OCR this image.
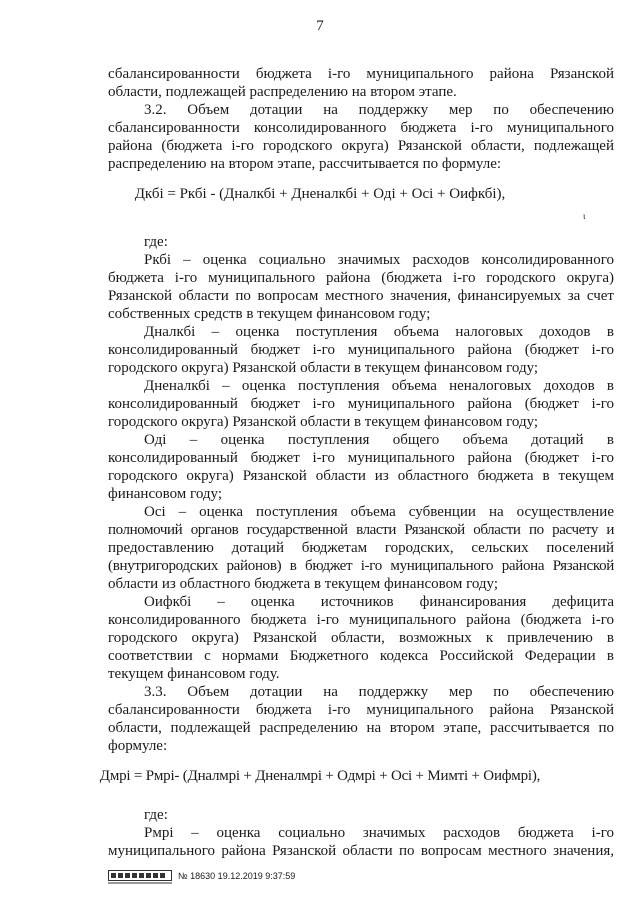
7
сбалансированности бюджета i-го муниципального района Рязанской
области, подлежащей распределению на втором этапе.
3.2. Объем дотации на поддержку мер по обеспечению
сбалансированности консолидированного бюджета i-го муниципального
района (бюджета i-го городского округа) Рязанской области, подлежащей
распределению на втором этапе, рассчитывается по формуле:
Дкбi = Ркбi - (Дналкбi + Дненалкбi + Одi + Осi + Оифкбi),
где:
Ркбi – оценка социально значимых расходов консолидированного
бюджета i-го муниципального района (бюджета i-го городского округа)
Рязанской области по вопросам местного значения, финансируемых за счет
собственных средств в текущем финансовом году;
Дналкбi – оценка поступления объема налоговых доходов в
консолидированный бюджет i-го муниципального района (бюджет i-го
городского округа) Рязанской области в текущем финансовом году;
Дненалкбi – оценка поступления объема неналоговых доходов в
консолидированный бюджет i-го муниципального района (бюджет i-го
городского округа) Рязанской области в текущем финансовом году;
Одi – оценка поступления общего объема дотаций в
консолидированный бюджет i-го муниципального района (бюджет i-го
городского округа) Рязанской области из областного бюджета в текущем
финансовом году;
Осi – оценка поступления объема субвенции на осуществление
полномочий органов государственной власти Рязанской области по расчету и
предоставлению дотаций бюджетам городских, сельских поселений
(внутригородских районов) в бюджет i-го муниципального района Рязанской
области из областного бюджета в текущем финансовом году;
Оифкбi – оценка источников финансирования дефицита
консолидированного бюджета i-го муниципального района (бюджета i-го
городского округа) Рязанской области, возможных к привлечению в
соответствии с нормами Бюджетного кодекса Российской Федерации в
текущем финансовом году.
3.3. Объем дотации на поддержку мер по обеспечению
сбалансированности бюджета i-го муниципального района Рязанской
области, подлежащей распределению на втором этапе, рассчитывается по
формуле:
Дмрi = Рмрi- (Дналмрi + Дненалмрi + Одмрi + Осi + Мимтi + Оифмрi),
где:
Рмрi – оценка социально значимых расходов бюджета i-го
муниципального района Рязанской области по вопросам местного значения,
ι
№ 18630 19.12.2019 9:37:59
